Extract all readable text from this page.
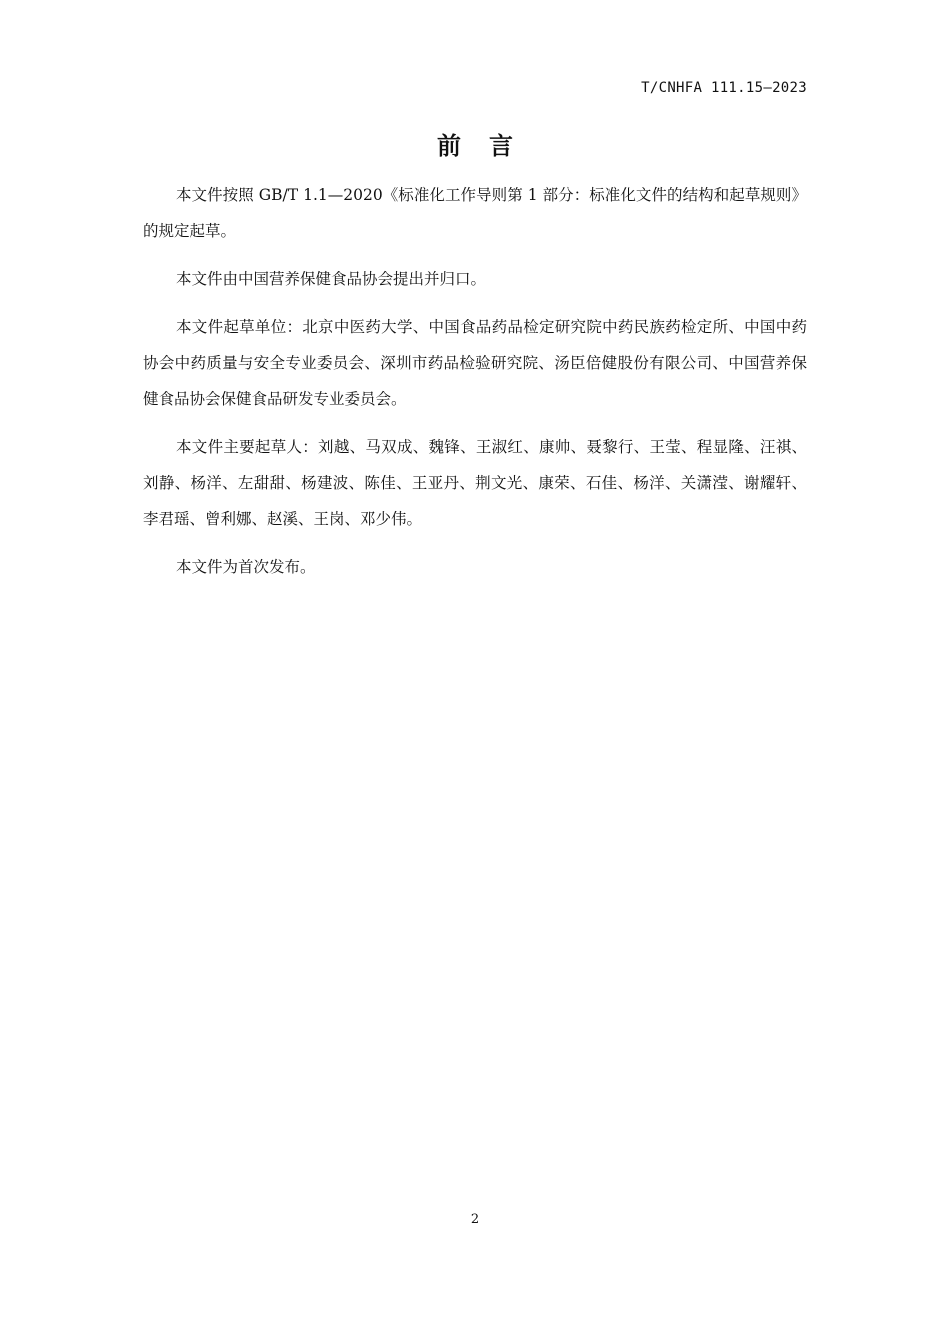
T/CNHFA 111.15—2023
前言

本文件按照 GB/T 1.1—2020《标准化工作导则第 1 部分：标准化文件的结构和起草规则》的规定起草。

本文件由中国营养保健食品协会提出并归口。

本文件起草单位：北京中医药大学、中国食品药品检定研究院中药民族药检定所、中国中药协会中药质量与安全专业委员会、深圳市药品检验研究院、汤臣倍健股份有限公司、中国营养保健食品协会保健食品研发专业委员会。

本文件主要起草人：刘越、马双成、魏锋、王淑红、康帅、聂黎行、王莹、程显隆、汪祺、刘静、杨洋、左甜甜、杨建波、陈佳、王亚丹、荆文光、康荣、石佳、杨洋、关潇滢、谢耀轩、李君瑶、曾利娜、赵溪、王岗、邓少伟。

本文件为首次发布。

2
